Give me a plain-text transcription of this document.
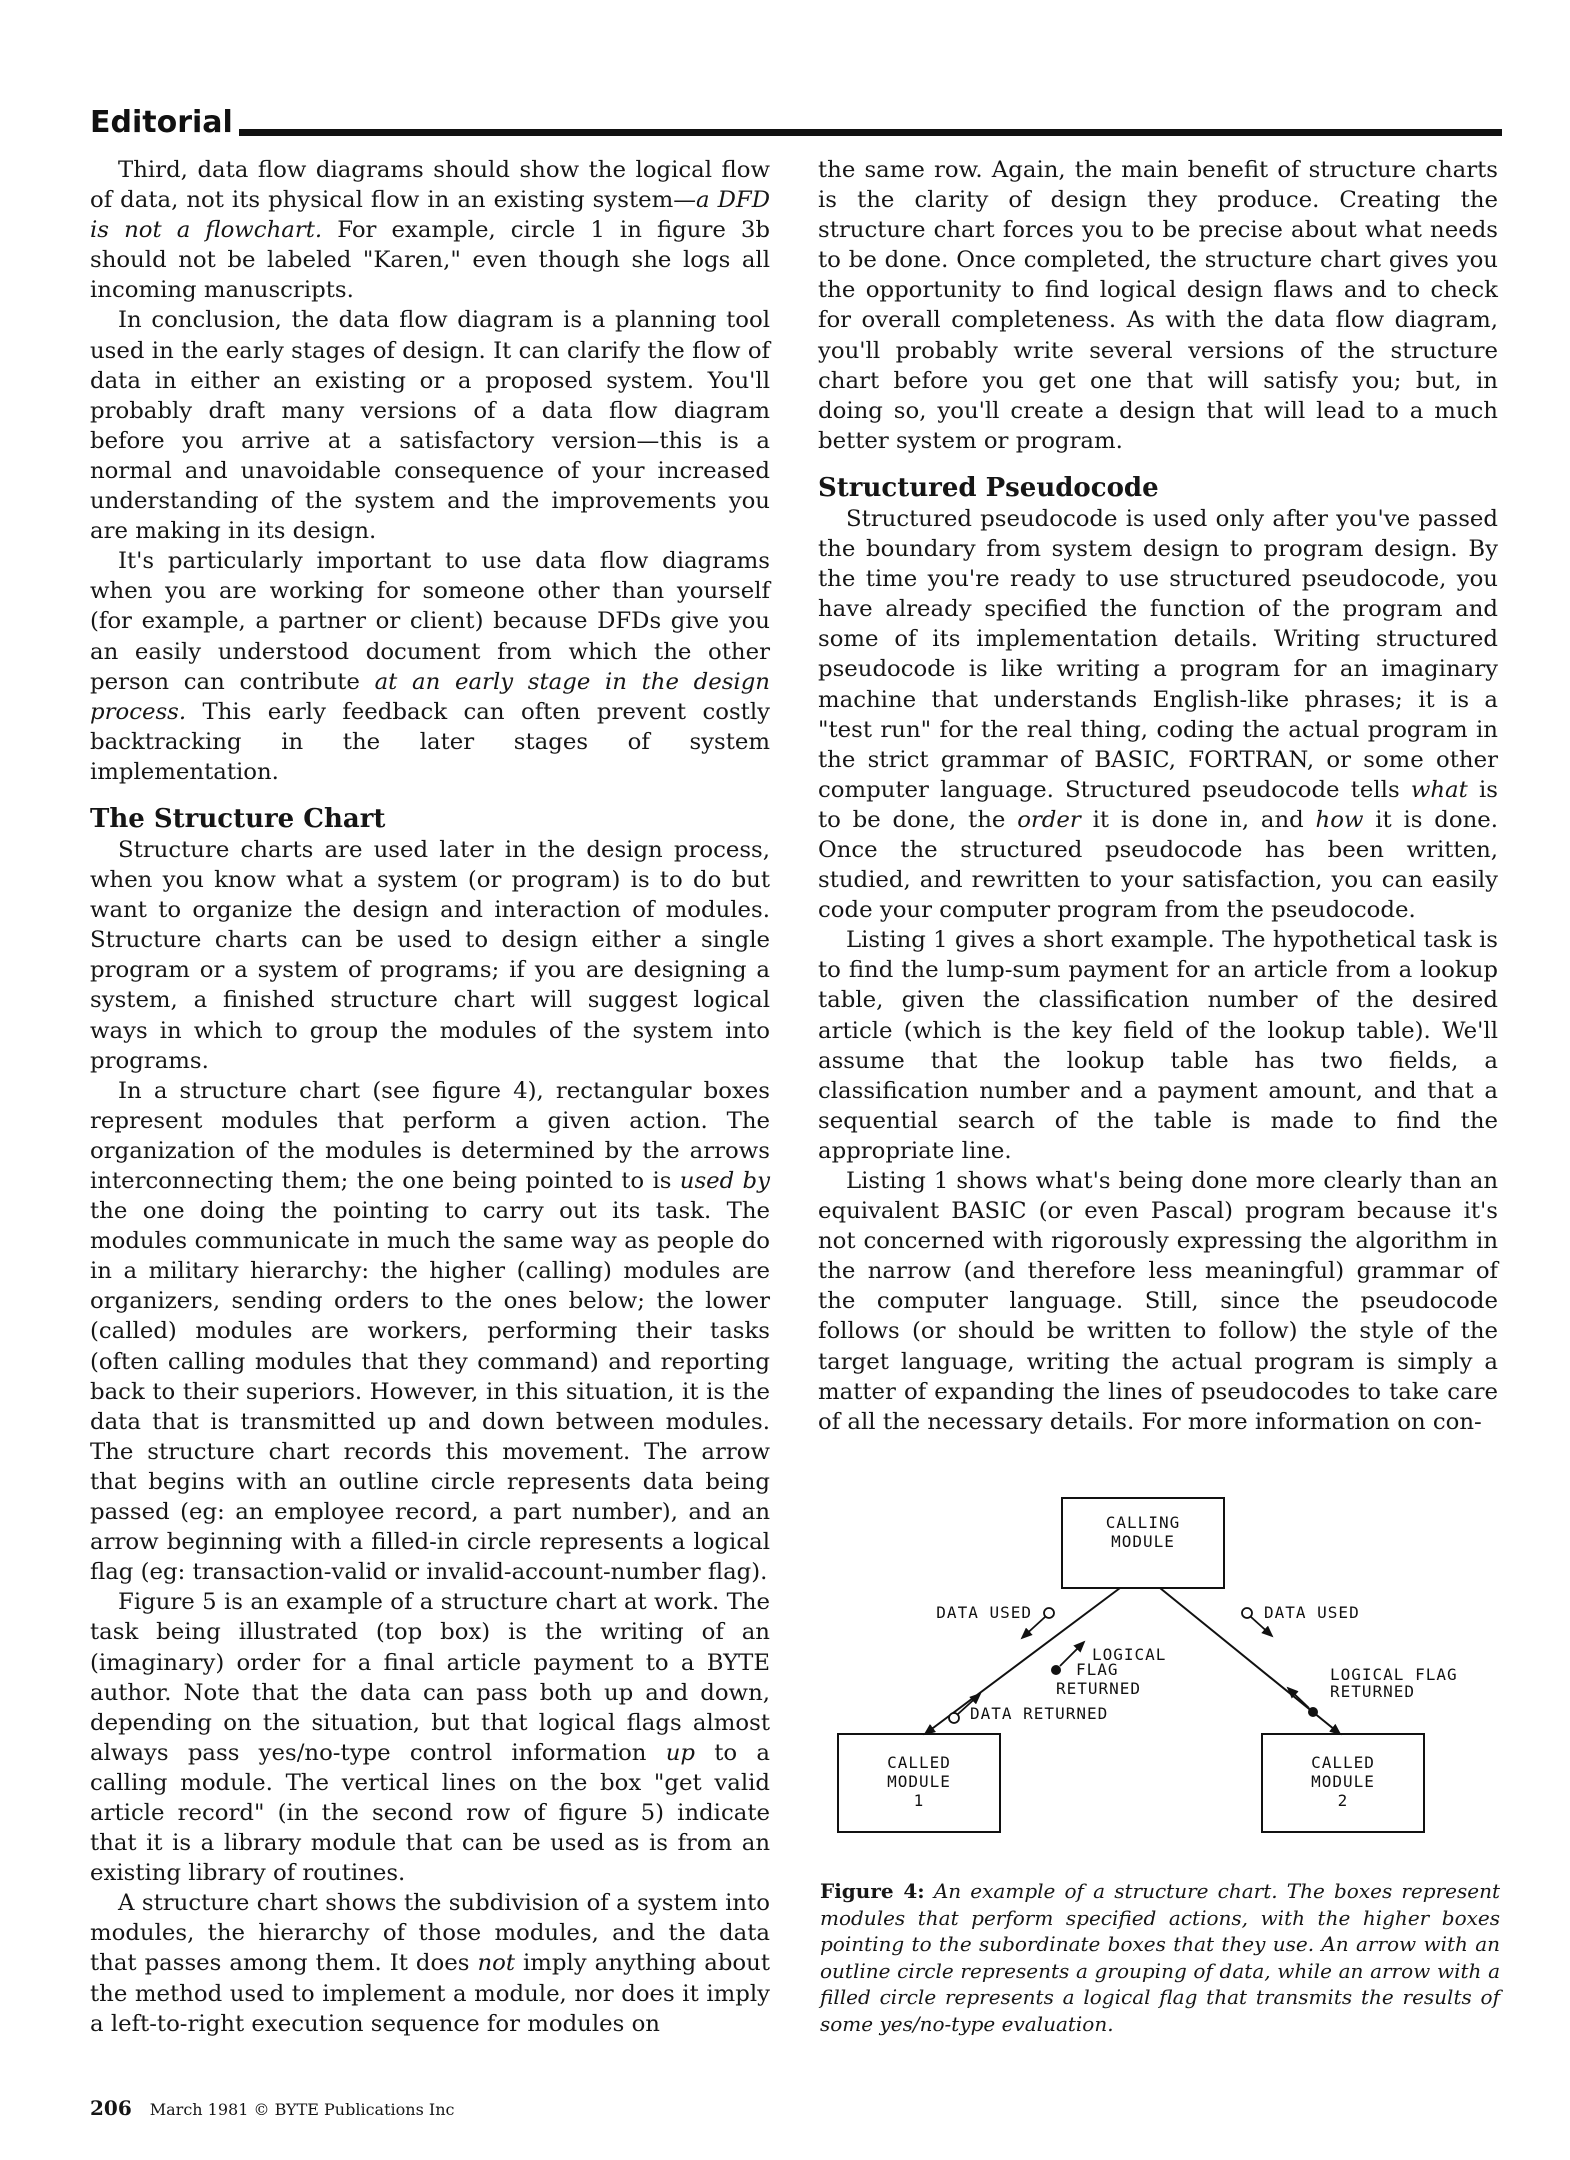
Editorial

Third, data flow diagrams should show the logical flow of data, not its physical flow in an existing system—a DFD is not a flowchart. For example, circle 1 in figure 3b should not be labeled "Karen," even though she logs all incoming manuscripts.

In conclusion, the data flow diagram is a planning tool used in the early stages of design. It can clarify the flow of data in either an existing or a proposed system. You'll probably draft many versions of a data flow diagram before you arrive at a satisfactory version—this is a normal and unavoidable consequence of your increased understanding of the system and the improvements you are making in its design.

It's particularly important to use data flow diagrams when you are working for someone other than yourself (for example, a partner or client) because DFDs give you an easily understood document from which the other person can contribute at an early stage in the design process. This early feedback can often prevent costly backtracking in the later stages of system implementation.

The Structure Chart

Structure charts are used later in the design process, when you know what a system (or program) is to do but want to organize the design and interaction of modules. Structure charts can be used to design either a single program or a system of programs; if you are designing a system, a finished structure chart will suggest logical ways in which to group the modules of the system into programs.

In a structure chart (see figure 4), rectangular boxes represent modules that perform a given action. The organization of the modules is determined by the arrows interconnecting them; the one being pointed to is used by the one doing the pointing to carry out its task. The modules communicate in much the same way as people do in a military hierarchy: the higher (calling) modules are organizers, sending orders to the ones below; the lower (called) modules are workers, performing their tasks (often calling modules that they command) and reporting back to their superiors. However, in this situation, it is the data that is transmitted up and down between modules. The structure chart records this movement. The arrow that begins with an outline circle represents data being passed (eg: an employee record, a part number), and an arrow beginning with a filled-in circle represents a logical flag (eg: transaction-valid or invalid-account-number flag).

Figure 5 is an example of a structure chart at work. The task being illustrated (top box) is the writing of an (imaginary) order for a final article payment to a BYTE author. Note that the data can pass both up and down, depending on the situation, but that logical flags almost always pass yes/no-type control information up to a calling module. The vertical lines on the box "get valid article record" (in the second row of figure 5) indicate that it is a library module that can be used as is from an existing library of routines.

A structure chart shows the subdivision of a system into modules, the hierarchy of those modules, and the data that passes among them. It does not imply anything about the method used to implement a module, nor does it imply a left-to-right execution sequence for modules on

the same row. Again, the main benefit of structure charts is the clarity of design they produce. Creating the structure chart forces you to be precise about what needs to be done. Once completed, the structure chart gives you the opportunity to find logical design flaws and to check for overall completeness. As with the data flow diagram, you'll probably write several versions of the structure chart before you get one that will satisfy you; but, in doing so, you'll create a design that will lead to a much better system or program.

Structured Pseudocode

Structured pseudocode is used only after you've passed the boundary from system design to program design. By the time you're ready to use structured pseudocode, you have already specified the function of the program and some of its implementation details. Writing structured pseudocode is like writing a program for an imaginary machine that understands English-like phrases; it is a "test run" for the real thing, coding the actual program in the strict grammar of BASIC, FORTRAN, or some other computer language. Structured pseudocode tells what is to be done, the order it is done in, and how it is done. Once the structured pseudocode has been written, studied, and rewritten to your satisfaction, you can easily code your computer program from the pseudocode.

Listing 1 gives a short example. The hypothetical task is to find the lump-sum payment for an article from a lookup table, given the classification number of the desired article (which is the key field of the lookup table). We'll assume that the lookup table has two fields, a classification number and a payment amount, and that a sequential search of the table is made to find the appropriate line.

Listing 1 shows what's being done more clearly than an equivalent BASIC (or even Pascal) program because it's not concerned with rigorously expressing the algorithm in the narrow (and therefore less meaningful) grammar of the computer language. Still, since the pseudocode follows (or should be written to follow) the style of the target language, writing the actual program is simply a matter of expanding the lines of pseudocodes to take care of all the necessary details. For more information on con-

CALLING
MODULE
CALLED
MODULE
1
CALLED
MODULE
2
DATA USED
LOGICAL
FLAG
RETURNED
DATA RETURNED
DATA USED
LOGICAL FLAG
RETURNED
Figure 4: An example of a structure chart. The boxes represent modules that perform specified actions, with the higher boxes pointing to the subordinate boxes that they use. An arrow with an outline circle represents a grouping of data, while an arrow with a filled circle represents a logical flag that transmits the results of some yes/no-type evaluation.
206 March 1981 © BYTE Publications Inc
